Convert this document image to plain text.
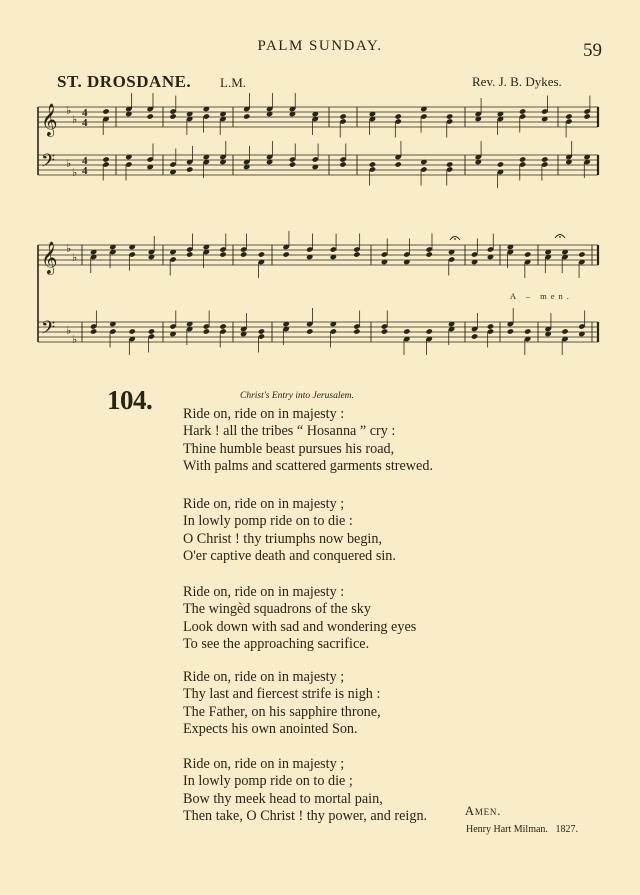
PALM SUNDAY.	59
ST. DROSDANE. L.M.	Rev. J. B. Dykes.
𝄞 ♭
♭ 4
4
𝄢 ♭
♭
4
4
𝄞 ♭
♭
𝄢 ♭
♭
A – men.
104.	Christ's Entry into Jerusalem.
Ride on, ride on in majesty :
Hark ! all the tribes “ Hosanna ” cry :
Thine humble beast pursues his road,
With palms and scattered garments strewed.
Ride on, ride on in majesty ;
In lowly pomp ride on to die :
O Christ ! thy triumphs now begin,
O'er captive death and conquered sin.
Ride on, ride on in majesty :
The wingèd squadrons of the sky
Look down with sad and wondering eyes
To see the approaching sacrifice.
Ride on, ride on in majesty ;
Thy last and fiercest strife is nigh :
The Father, on his sapphire throne,
Expects his own anointed Son.
Ride on, ride on in majesty ;
In lowly pomp ride on to die ;
Bow thy meek head to mortal pain,
Then take, O Christ ! thy power, and reign.	Amen.
Henry Hart Milman. 1827.
